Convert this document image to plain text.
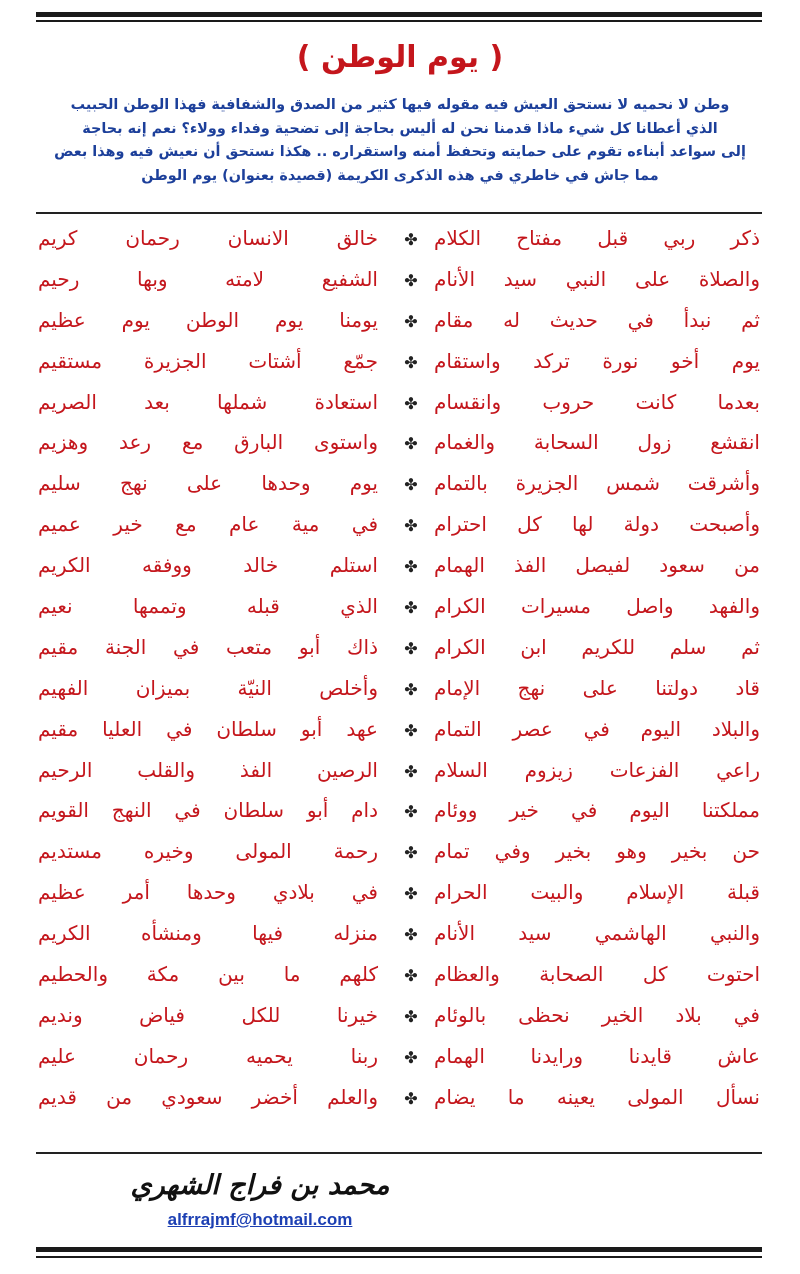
( يوم الوطن )
وطن لا نحميه لا نستحق العيش فيه مقوله فيها كثير من الصدق والشفافية فهذا الوطن الحبيب
الذي أعطانا كل شيء ماذا قدمنا نحن له أليس بحاجة إلى تضحية وفداء وولاء؟ نعم إنه بحاجة
إلى سواعد أبناءه تقوم على حمايته وتحفظ أمنه واستقراره .. هكذا نستحق أن نعيش فيه وهذا بعض
مما جاش في خاطري في هذه الذكرى الكريمة (قصيدة بعنوان) يوم الوطن
ذكر ربي قبل مفتاح الكلام
✤
خالق الانسان رحمان كريم
والصلاة على النبي سيد الأنام
✤
الشفيع لامته وبها رحيم
ثم نبدأ في حديث له مقام
✤
يومنا يوم الوطن يوم عظيم
يوم أخو نورة تركد واستقام
✤
جمّع أشتات الجزيرة مستقيم
بعدما كانت حروب وانقسام
✤
استعادة شملها بعد الصريم
انقشع زول السحابة والغمام
✤
واستوى البارق مع رعد وهزيم
وأشرقت شمس الجزيرة بالتمام
✤
يوم وحدها على نهج سليم
وأصبحت دولة لها كل احترام
✤
في مية عام مع خير عميم
من سعود لفيصل الفذ الهمام
✤
استلم خالد ووفقه الكريم
والفهد واصل مسيرات الكرام
✤
الذي قبله وتممها نعيم
ثم سلم للكريم ابن الكرام
✤
ذاك أبو متعب في الجنة مقيم
قاد دولتنا على نهج الإمام
✤
وأخلص النيّة بميزان الفهيم
والبلاد اليوم في عصر التمام
✤
عهد أبو سلطان في العليا مقيم
راعي الفزعات زيزوم السلام
✤
الرصين الفذ والقلب الرحيم
مملكتنا اليوم في خير ووئام
✤
دام أبو سلطان في النهج القويم
حن بخير وهو بخير وفي تمام
✤
رحمة المولى وخيره مستديم
قبلة الإسلام والبيت الحرام
✤
في بلادي وحدها أمر عظيم
والنبي الهاشمي سيد الأنام
✤
منزله فيها ومنشأه الكريم
احتوت كل الصحابة والعظام
✤
كلهم ما بين مكة والحطيم
في بلاد الخير نحظى بالوئام
✤
خيرنا للكل فياض ونديم
عاش قايدنا ورايدنا الهمام
✤
ربنا يحميه رحمان عليم
نسأل المولى يعينه ما يضام
✤
والعلم أخضر سعودي من قديم
محمد بن فراج الشهري
alfrrajmf@hotmail.com
